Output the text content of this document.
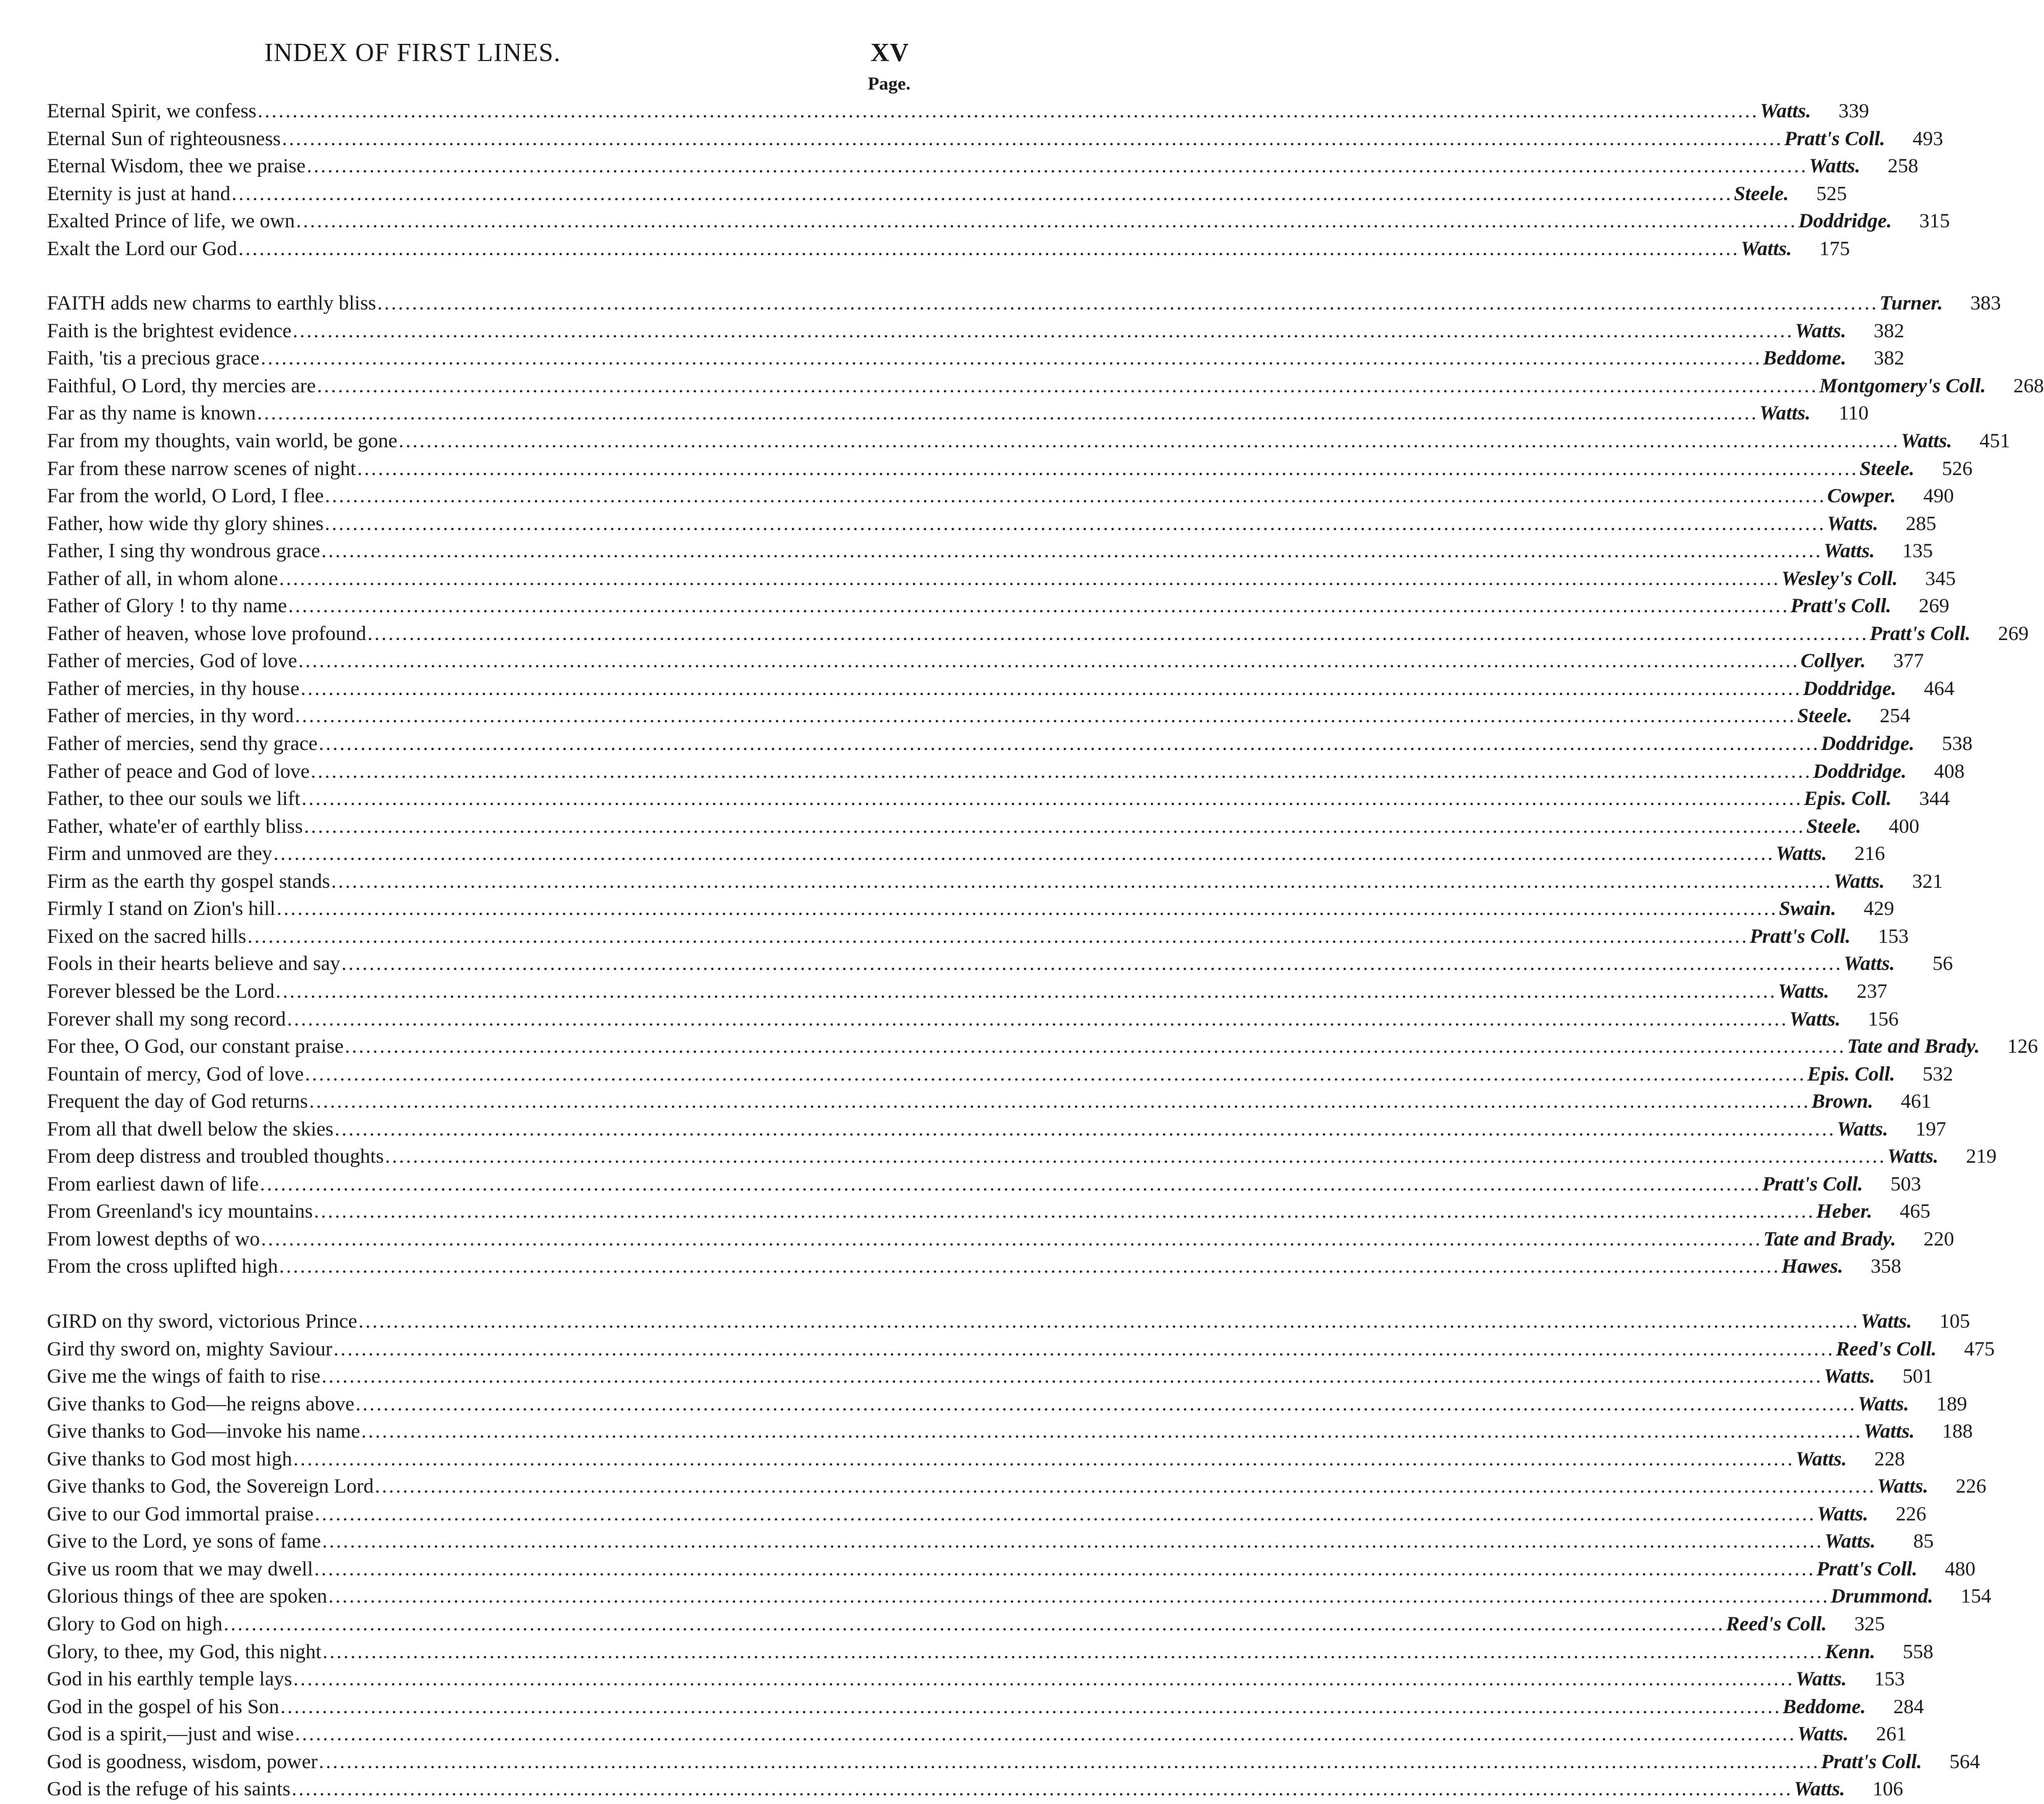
INDEX OF FIRST LINES.	XV
Page.
Eternal Spirit, we confess .....	Watts.	339
Eternal Sun of righteousness .....	Pratt's Coll.	493
Eternal Wisdom, thee we praise .....	Watts.	258
Eternity is just at hand .....	Steele.	525
Exalted Prince of life, we own .....	Doddridge.	315
Exalt the Lord our God .....	Watts.	175
FAITH adds new charms to earthly bliss .....	Turner.	383
Faith is the brightest evidence .....	Watts.	382
Faith, 'tis a precious grace .....	Beddome.	382
Faithful, O Lord, thy mercies are .....	Montgomery's Coll.	268
Far as thy name is known .....	Watts.	110
Far from my thoughts, vain world, be gone .....	Watts.	451
Far from these narrow scenes of night .....	Steele.	526
Far from the world, O Lord, I flee .....	Cowper.	490
Father, how wide thy glory shines .....	Watts.	285
Father, I sing thy wondrous grace .....	Watts.	135
Father of all, in whom alone .....	Wesley's Coll.	345
Father of Glory ! to thy name .....	Pratt's Coll.	269
Father of heaven, whose love profound .....	Pratt's Coll.	269
Father of mercies, God of love .....	Collyer.	377
Father of mercies, in thy house .....	Doddridge.	464
Father of mercies, in thy word .....	Steele.	254
Father of mercies, send thy grace .....	Doddridge.	538
Father of peace and God of love .....	Doddridge.	408
Father, to thee our souls we lift .....	Epis. Coll.	344
Father, whate'er of earthly bliss .....	Steele.	400
Firm and unmoved are they .....	Watts.	216
Firm as the earth thy gospel stands .....	Watts.	321
Firmly I stand on Zion's hill .....	Swain.	429
Fixed on the sacred hills .....	Pratt's Coll.	153
Fools in their hearts believe and say .....	Watts.	56
Forever blessed be the Lord .....	Watts.	237
Forever shall my song record .....	Watts.	156
For thee, O God, our constant praise .....	Tate and Brady.	126
Fountain of mercy, God of love .....	Epis. Coll.	532
Frequent the day of God returns .....	Brown.	461
From all that dwell below the skies .....	Watts.	197
From deep distress and troubled thoughts .....	Watts.	219
From earliest dawn of life .....	Pratt's Coll.	503
From Greenland's icy mountains .....	Heber.	465
From lowest depths of wo .....	Tate and Brady.	220
From the cross uplifted high .....	Hawes.	358
GIRD on thy sword, victorious Prince .....	Watts.	105
Gird thy sword on, mighty Saviour .....	Reed's Coll.	475
Give me the wings of faith to rise .....	Watts.	501
Give thanks to God—he reigns above .....	Watts.	189
Give thanks to God—invoke his name .....	Watts.	188
Give thanks to God most high .....	Watts.	228
Give thanks to God, the Sovereign Lord .....	Watts.	226
Give to our God immortal praise .....	Watts.	226
Give to the Lord, ye sons of fame .....	Watts.	85
Give us room that we may dwell .....	Pratt's Coll.	480
Glorious things of thee are spoken .....	Drummond.	154
Glory to God on high .....	Reed's Coll.	325
Glory, to thee, my God, this night .....	Kenn.	558
God in his earthly temple lays .....	Watts.	153
God in the gospel of his Son .....	Beddome.	284
God is a spirit,—just and wise .....	Watts.	261
God is goodness, wisdom, power .....	Pratt's Coll.	564
God is the refuge of his saints .....	Watts.	106
